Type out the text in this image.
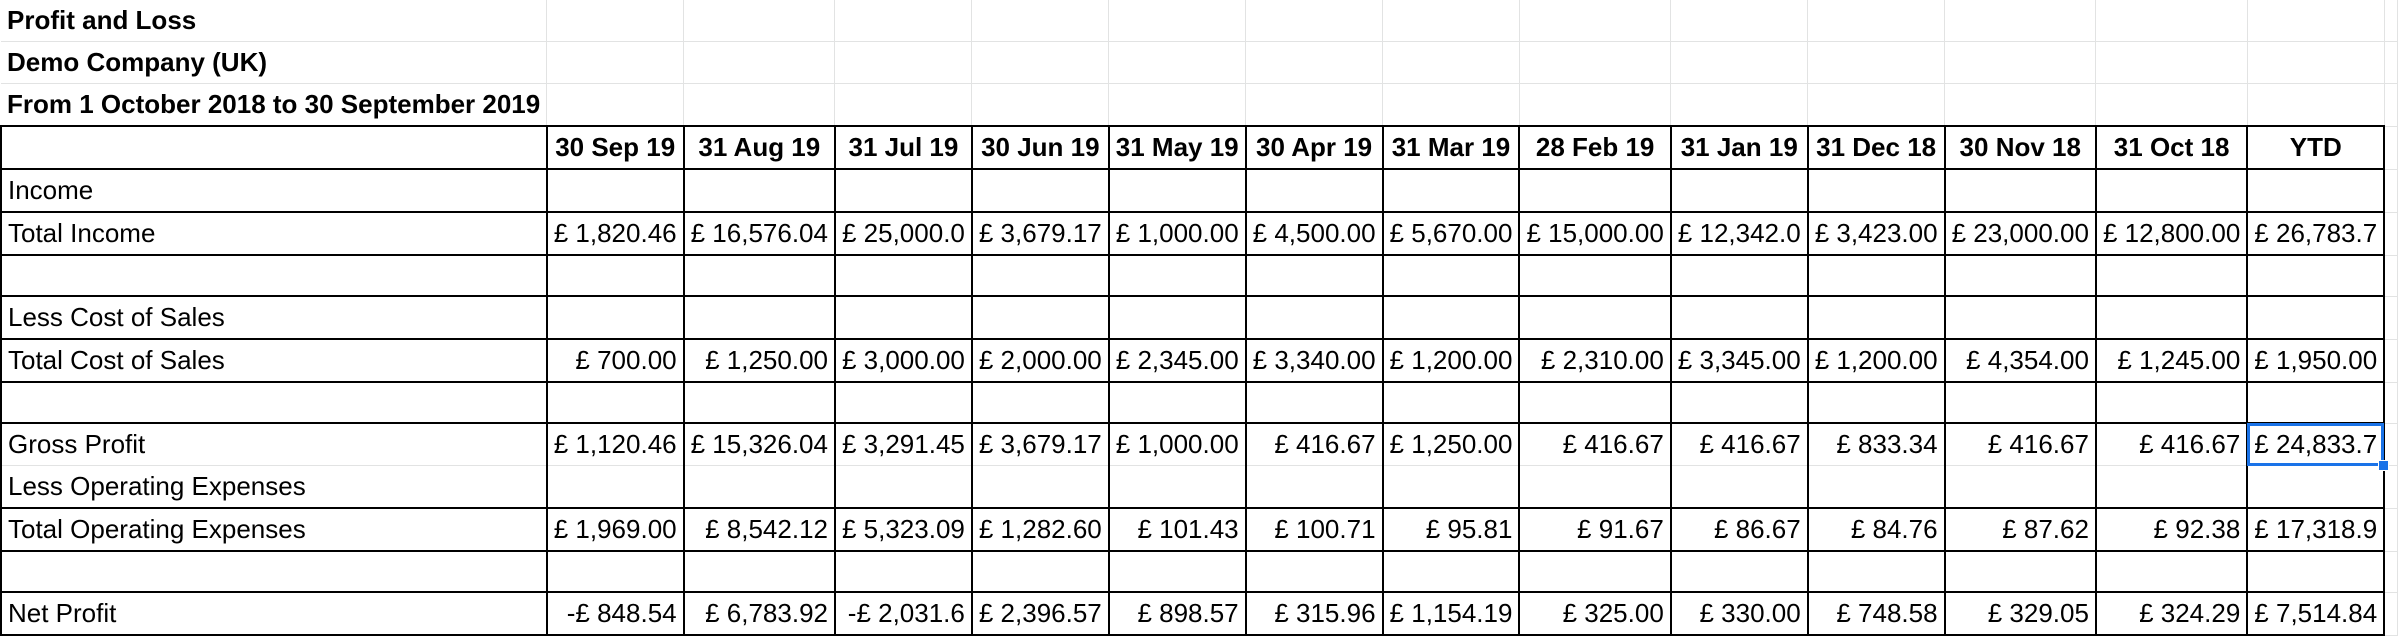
Profit and Loss														
Demo Company (UK)														
From 1 October 2018 to 30 September 2019														
	30 Sep 19	31 Aug 19	31 Jul 19	30 Jun 19	31 May 19	30 Apr 19	31 Mar 19	28 Feb 19	31 Jan 19	31 Dec 18	30 Nov 18	31 Oct 18	YTD	
Income														
Total Income	£ 1,820.46	£ 16,576.04	£ 25,000.0	£ 3,679.17	£ 1,000.00	£ 4,500.00	£ 5,670.00	£ 15,000.00	£ 12,342.0	£ 3,423.00	£ 23,000.00	£ 12,800.00	£ 26,783.7	

Less Cost of Sales														
Total Cost of Sales	£ 700.00	£ 1,250.00	£ 3,000.00	£ 2,000.00	£ 2,345.00	£ 3,340.00	£ 1,200.00	£ 2,310.00	£ 3,345.00	£ 1,200.00	£ 4,354.00	£ 1,245.00	£ 1,950.00	

Gross Profit	£ 1,120.46	£ 15,326.04	£ 3,291.45	£ 3,679.17	£ 1,000.00	£ 416.67	£ 1,250.00	£ 416.67	£ 416.67	£ 833.34	£ 416.67	£ 416.67	£ 24,833.7

Less Operating Expenses														
Total Operating Expenses	£ 1,969.00	£ 8,542.12	£ 5,323.09	£ 1,282.60	£ 101.43	£ 100.71	£ 95.81	£ 91.67	£ 86.67	£ 84.76	£ 87.62	£ 92.38	£ 17,318.9	

Net Profit	-£ 848.54	£ 6,783.92	-£ 2,031.6	£ 2,396.57	£ 898.57	£ 315.96	£ 1,154.19	£ 325.00	£ 330.00	£ 748.58	£ 329.05	£ 324.29	£ 7,514.84	
